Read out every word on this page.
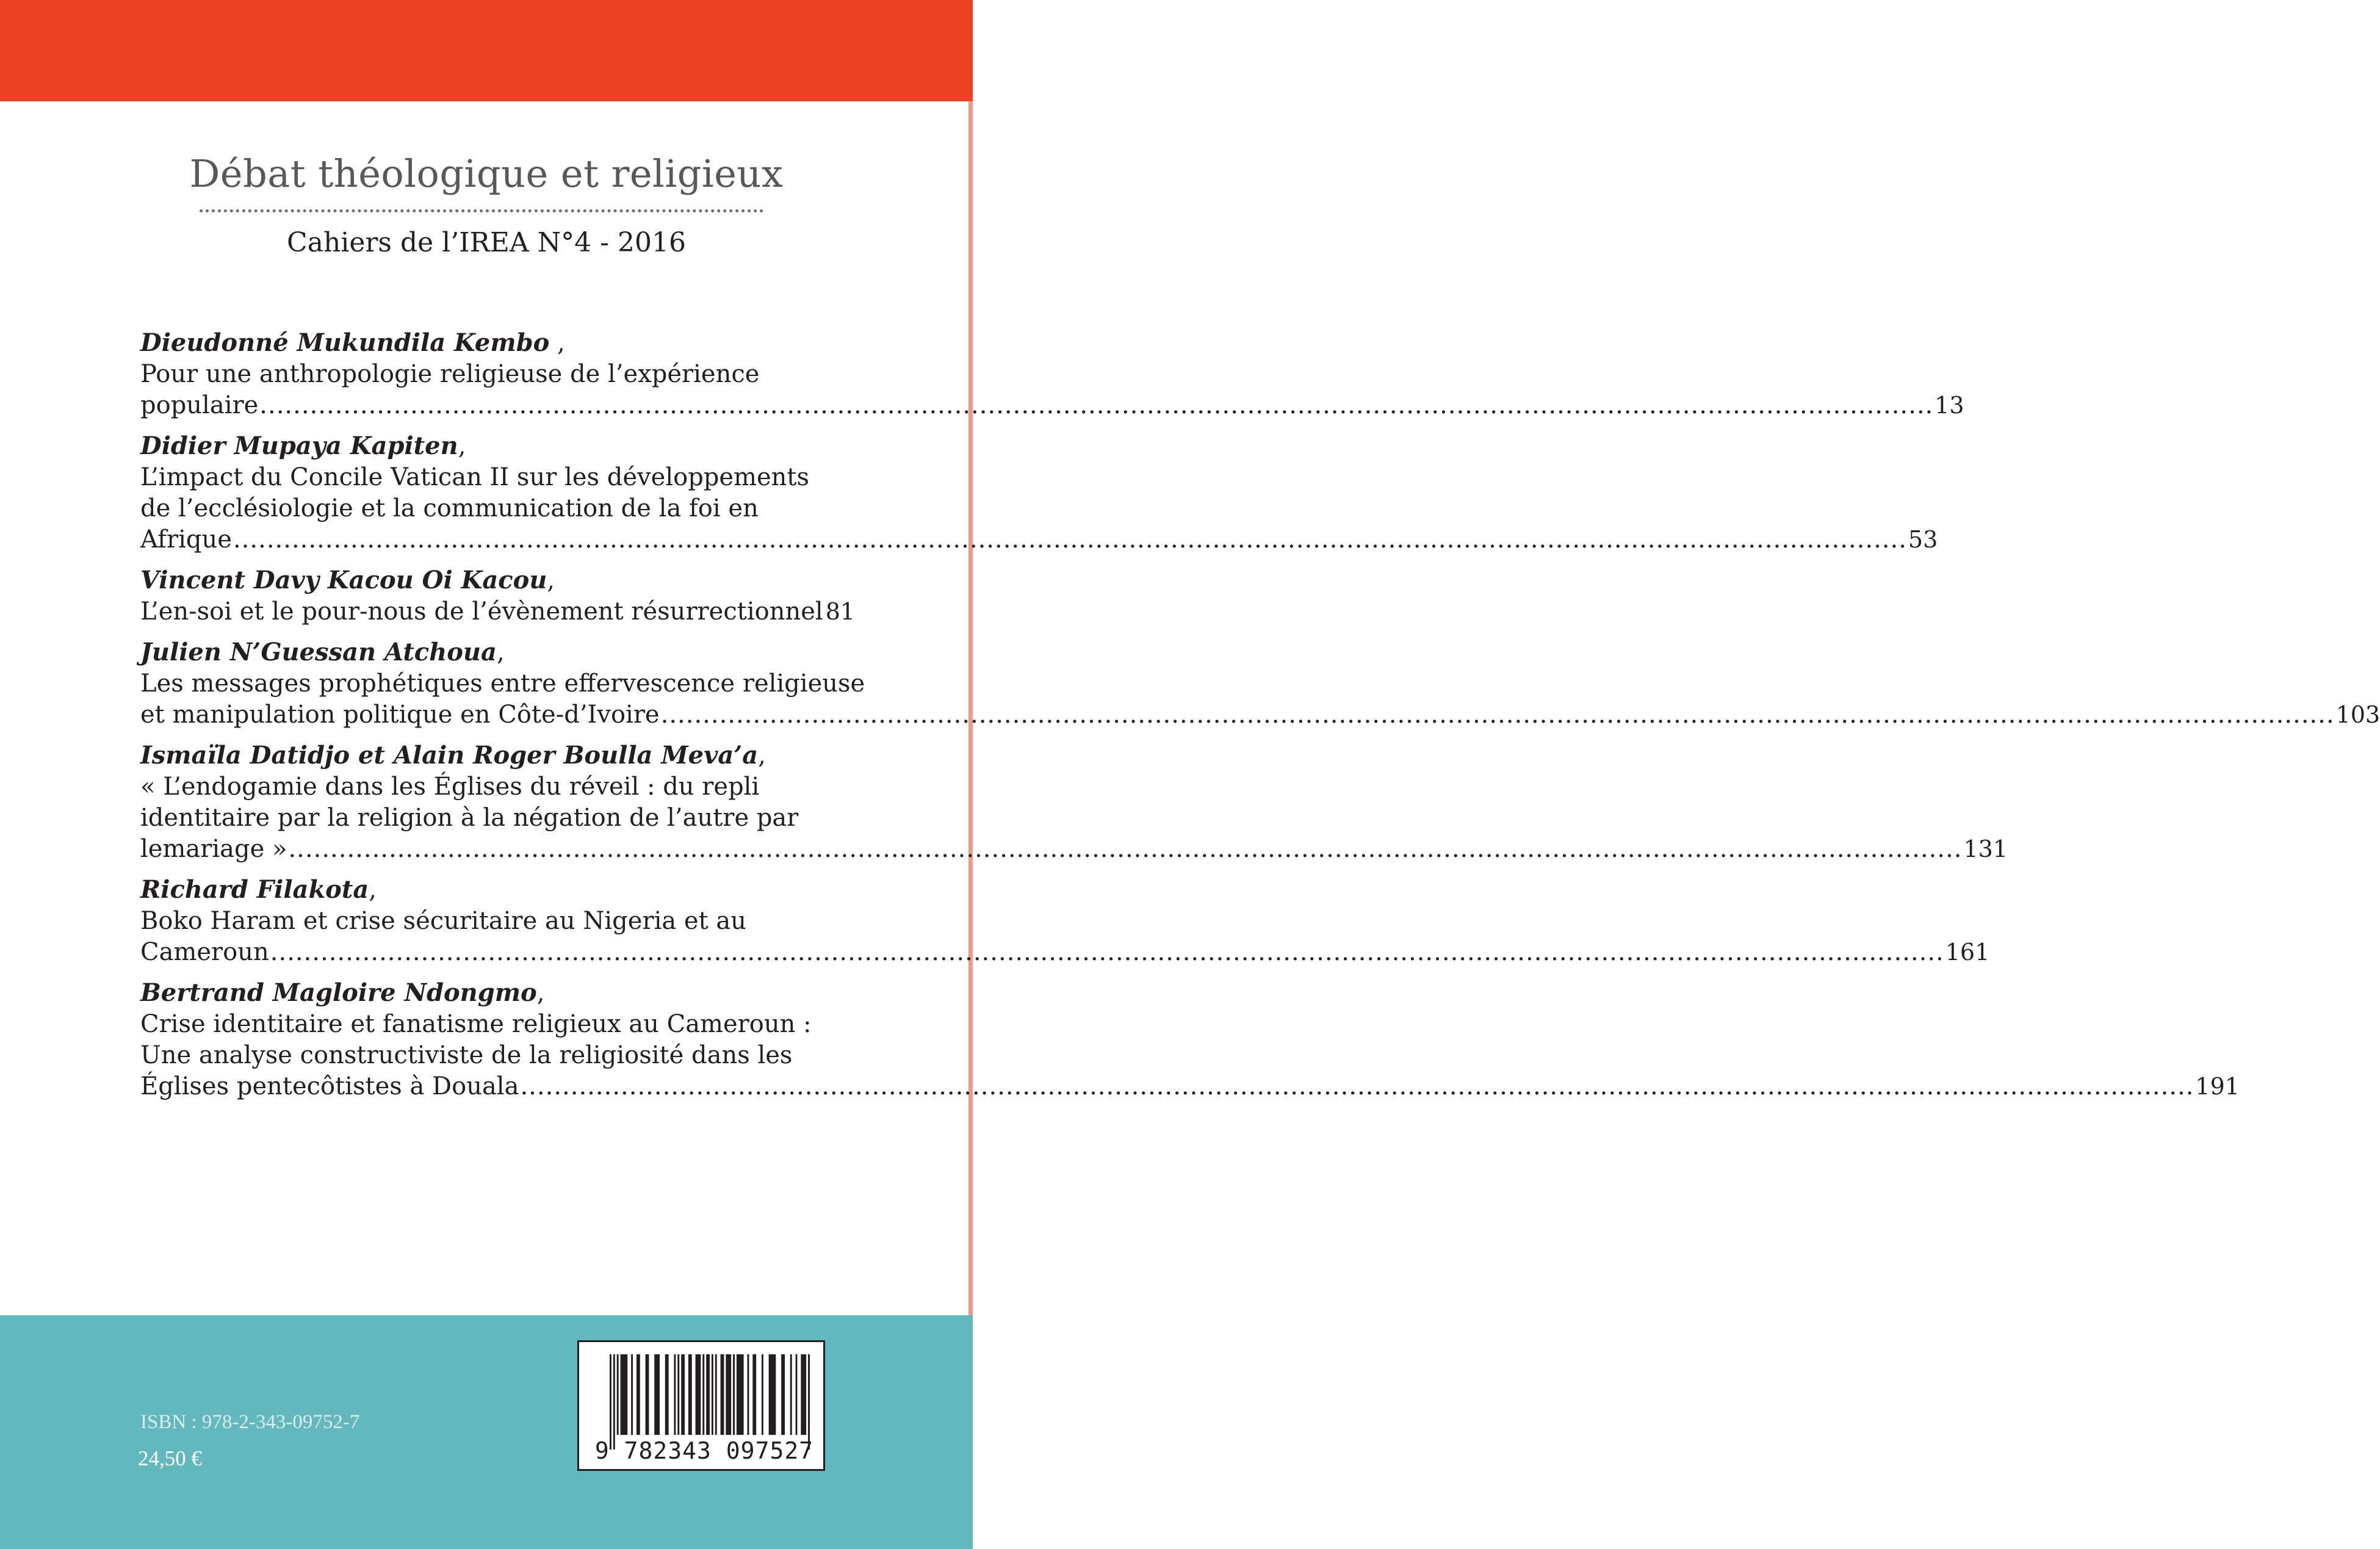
Débat théologique et religieux
Cahiers de l’IREA N°4 - 2016
Dieudonné Mukundila Kembo ,
Pour une anthropologie religieuse de l’expérience
populaire ........................................................................................................................................................................................................ 13
Didier Mupaya Kapiten,
L’impact du Concile Vatican II sur les développements
de l’ecclésiologie et la communication de la foi en
Afrique ........................................................................................................................................................................................................ 53
Vincent Davy Kacou Oi Kacou,
L’en-soi et le pour-nous de l’évènement résurrectionnel 81
Julien N’Guessan Atchoua,
Les messages prophétiques entre effervescence religieuse
et manipulation politique en Côte-d’Ivoire ........................................................................................................................................................................................................ 103
Ismaïla Datidjo et Alain Roger Boulla Meva’a,
« L’endogamie dans les Églises du réveil : du repli
identitaire par la religion à la négation de l’autre par
lemariage » ........................................................................................................................................................................................................ 131
Richard Filakota,
Boko Haram et crise sécuritaire au Nigeria et au
Cameroun ........................................................................................................................................................................................................ 161
Bertrand Magloire Ndongmo,
Crise identitaire et fanatisme religieux au Cameroun :
Une analyse constructiviste de la religiosité dans les
Églises pentecôtistes à Douala ........................................................................................................................................................................................................ 191
ISBN : 978-2-343-09752-7
24,50 €	9 782343 097527
